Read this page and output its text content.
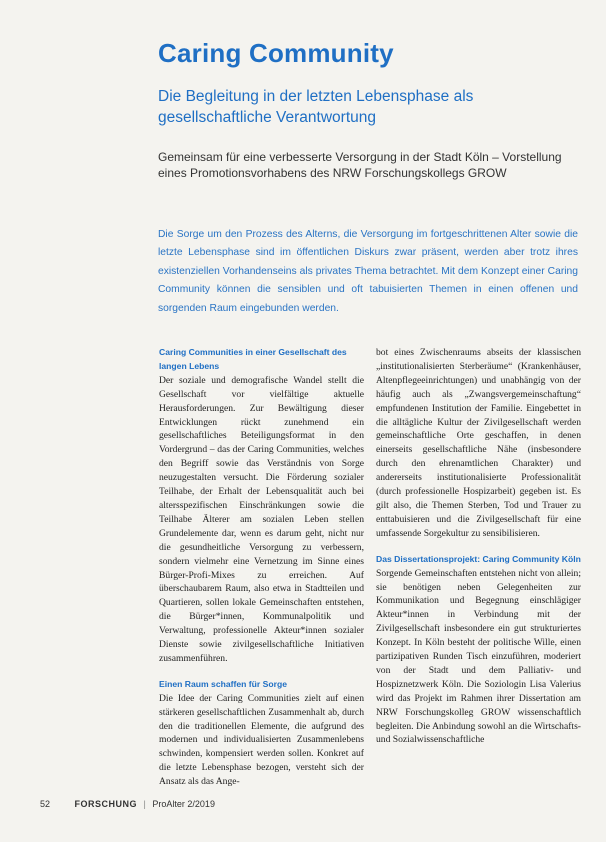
Caring Community
Die Begleitung in der letzten Lebensphase als gesellschaftliche Verantwortung
Gemeinsam für eine verbesserte Versorgung in der Stadt Köln – Vorstellung eines Promotionsvorhabens des NRW Forschungskollegs GROW
Die Sorge um den Prozess des Alterns, die Versorgung im fortgeschrittenen Alter sowie die letzte Lebensphase sind im öffentlichen Diskurs zwar präsent, werden aber trotz ihres existenziellen Vorhandenseins als privates Thema betrachtet. Mit dem Konzept einer Caring Community können die sensiblen und oft tabuisierten Themen in einen offenen und sorgenden Raum eingebunden werden.
Caring Communities in einer Gesellschaft des langen Lebens

Der soziale und demografische Wandel stellt die Gesellschaft vor vielfältige aktuelle Herausforderungen. Zur Bewältigung dieser Entwicklungen rückt zunehmend ein gesellschaftliches Beteiligungsformat in den Vordergrund – das der Caring Communities, welches den Begriff sowie das Verständnis von Sorge neuzugestalten versucht. Die Förderung sozialer Teilhabe, der Erhalt der Lebensqualität auch bei altersspezifischen Einschränkungen sowie die Teilhabe Älterer am sozialen Leben stellen Grundelemente dar, wenn es darum geht, nicht nur die gesundheitliche Versorgung zu verbessern, sondern vielmehr eine Vernetzung im Sinne eines Bürger-Profi-Mixes zu erreichen. Auf überschaubarem Raum, also etwa in Stadtteilen und Quartieren, sollen lokale Gemeinschaften entstehen, die Bürger*innen, Kommunalpolitik und Verwaltung, professionelle Akteur*innen sozialer Dienste sowie zivilgesellschaftliche Initiativen zusammenführen.

Einen Raum schaffen für Sorge

Die Idee der Caring Communities zielt auf einen stärkeren gesellschaftlichen Zusammenhalt ab, durch den die traditionellen Elemente, die aufgrund des modernen und individualisierten Zusammenlebens schwinden, kompensiert werden sollen. Konkret auf die letzte Lebensphase bezogen, versteht sich der Ansatz als das Ange-

bot eines Zwischenraums abseits der klassischen „institutionalisierten Sterberäume“ (Krankenhäuser, Altenpflegeeinrichtungen) und unabhängig von der häufig auch als „Zwangsvergemeinschaftung“ empfundenen Institution der Familie. Eingebettet in die alltägliche Kultur der Zivilgesellschaft werden gemeinschaftliche Orte geschaffen, in denen einerseits gesellschaftliche Nähe (insbesondere durch den ehrenamtlichen Charakter) und andererseits institutionalisierte Professionalität (durch professionelle Hospizarbeit) gegeben ist. Es gilt also, die Themen Sterben, Tod und Trauer zu enttabuisieren und die Zivilgesellschaft für eine umfassende Sorgekultur zu sensibilisieren.

Das Dissertationsprojekt: Caring Community Köln

Sorgende Gemeinschaften entstehen nicht von allein; sie benötigen neben Gelegenheiten zur Kommunikation und Begegnung einschlägiger Akteur*innen in Verbindung mit der Zivilgesellschaft insbesondere ein gut strukturiertes Konzept. In Köln besteht der politische Wille, einen partizipativen Runden Tisch einzuführen, moderiert von der Stadt und dem Palliativ- und Hospiznetzwerk Köln. Die Soziologin Lisa Valerius wird das Projekt im Rahmen ihrer Dissertation am NRW Forschungskolleg GROW wissenschaftlich begleiten. Die Anbindung sowohl an die Wirtschafts- und Sozialwissenschaftliche

52	FORSCHUNG | ProAlter 2/2019
